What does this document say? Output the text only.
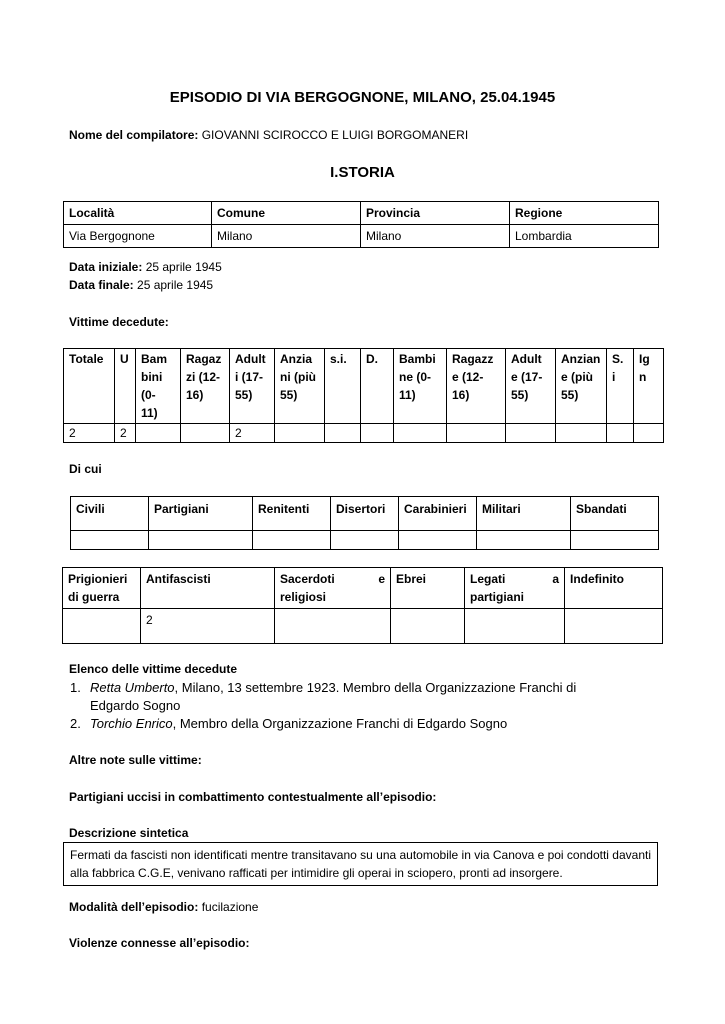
EPISODIO DI VIA BERGOGNONE, MILANO, 25.04.1945
Nome del compilatore: GIOVANNI SCIROCCO E LUIGI BORGOMANERI
I.STORIA
Località	Comune	Provincia	Regione
Via Bergognone	Milano	Milano	Lombardia
Data iniziale: 25 aprile 1945
Data finale: 25 aprile 1945
Vittime decedute:
Totale	U	Bam bini (0- 11)	Ragaz zi (12- 16)	Adult i (17- 55)	Anzia ni (più 55)	s.i.	D.	Bambi ne (0- 11)	Ragazze (12-16)	Adult e (17- 55)	Anzian e (più 55)	S. i	Ig n
2	2			2									
Di cui
Civili	Partigiani	Renitenti	Disertori	Carabinieri	Militari	Sbandati

Prigionieri di guerra	Antifascisti	Sacerdoti e religiosi	Ebrei	Legati a partigiani	Indefinito
	2				
Elenco delle vittime decedute
1. Retta Umberto, Milano, 13 settembre 1923. Membro della Organizzazione Franchi di
Edgardo Sogno
2. Torchio Enrico, Membro della Organizzazione Franchi di Edgardo Sogno
Altre note sulle vittime:
Partigiani uccisi in combattimento contestualmente all’episodio:
Descrizione sintetica
Fermati da fascisti non identificati mentre transitavano su una automobile in via Canova e poi condotti davanti alla fabbrica C.G.E, venivano rafficati per intimidire gli operai in sciopero, pronti ad insorgere.
Modalità dell’episodio: fucilazione
Violenze connesse all’episodio:
